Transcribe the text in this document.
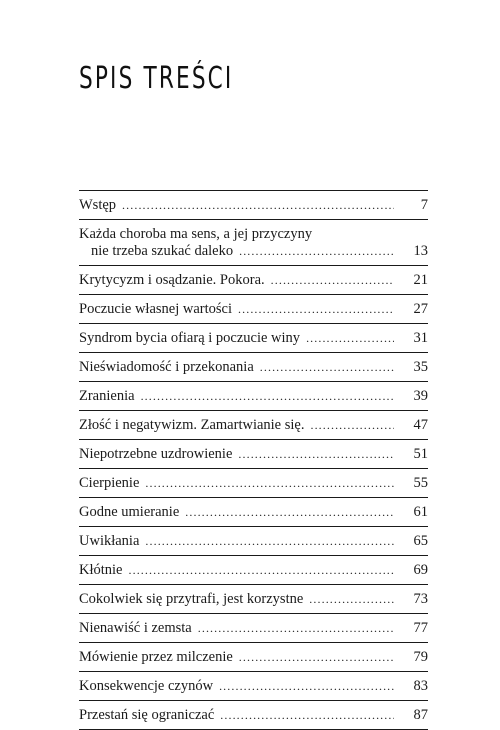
SPIS TREŚCI
Wstęp .....	7
Każda choroba ma sens, a jej przyczyny
nie trzeba szukać daleko .....	13
Krytycyzm i osądzanie. Pokora. .....	21
Poczucie własnej wartości .....	27
Syndrom bycia ofiarą i poczucie winy .....	31
Nieświadomość i przekonania .....	35
Zranienia .....	39
Złość i negatywizm. Zamartwianie się. .....	47
Niepotrzebne uzdrowienie .....	51
Cierpienie .....	55
Godne umieranie .....	61
Uwikłania .....	65
Kłótnie .....	69
Cokolwiek się przytrafi, jest korzystne .....	73
Nienawiść i zemsta .....	77
Mówienie przez milczenie .....	79
Konsekwencje czynów .....	83
Przestań się ograniczać .....	87
